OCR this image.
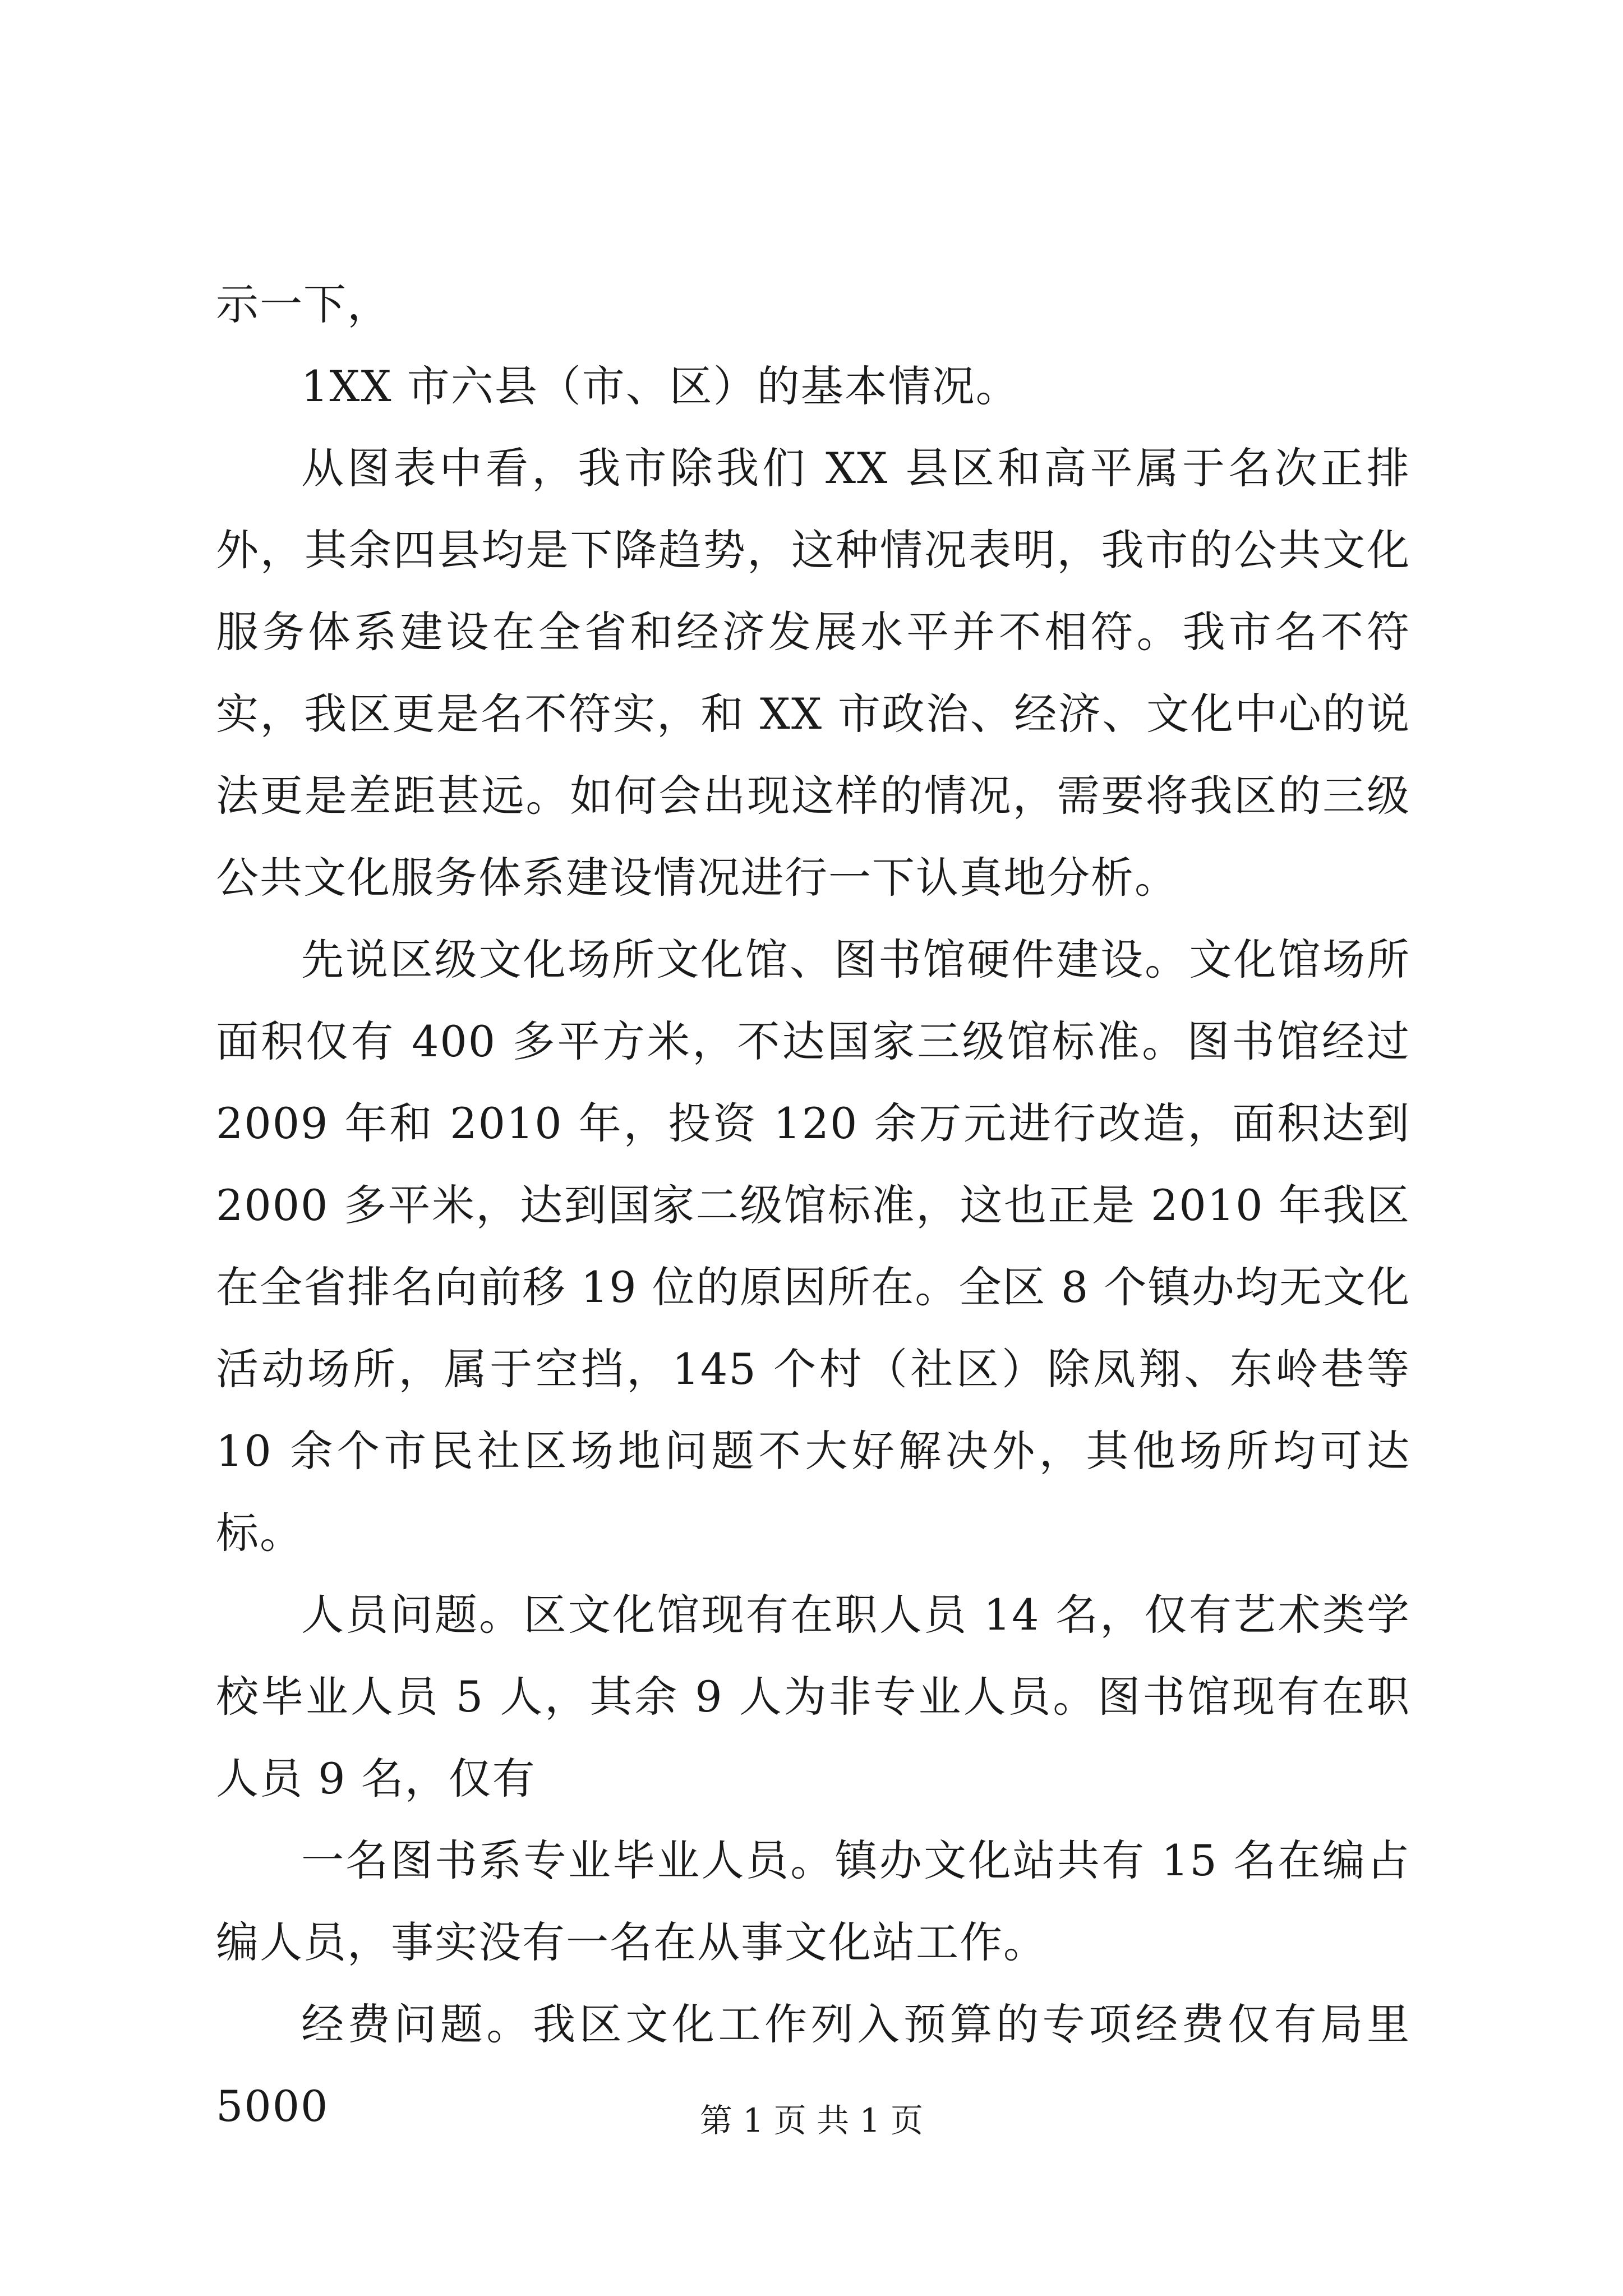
示一下，

1XX 市六县（市、区）的基本情况。

从图表中看，我市除我们 XX 县区和高平属于名次正排外，其余四县均是下降趋势，这种情况表明，我市的公共文化服务体系建设在全省和经济发展水平并不相符。我市名不符实，我区更是名不符实，和 XX 市政治、经济、文化中心的说法更是差距甚远。如何会出现这样的情况，需要将我区的三级公共文化服务体系建设情况进行一下认真地分析。

先说区级文化场所文化馆、图书馆硬件建设。文化馆场所面积仅有 400 多平方米，不达国家三级馆标准。图书馆经过 2009 年和 2010 年，投资 120 余万元进行改造，面积达到 2000 多平米，达到国家二级馆标准，这也正是 2010 年我区在全省排名向前移 19 位的原因所在。全区 8 个镇办均无文化活动场所，属于空挡，145 个村（社区）除凤翔、东岭巷等 10 余个市民社区场地问题不大好解决外，其他场所均可达标。

人员问题。区文化馆现有在职人员 14 名，仅有艺术类学校毕业人员 5 人，其余 9 人为非专业人员。图书馆现有在职人员 9 名，仅有

一名图书系专业毕业人员。镇办文化站共有 15 名在编占编人员，事实没有一名在从事文化站工作。

经费问题。我区文化工作列入预算的专项经费仅有局里 5000	第 1 页 共 1 页
